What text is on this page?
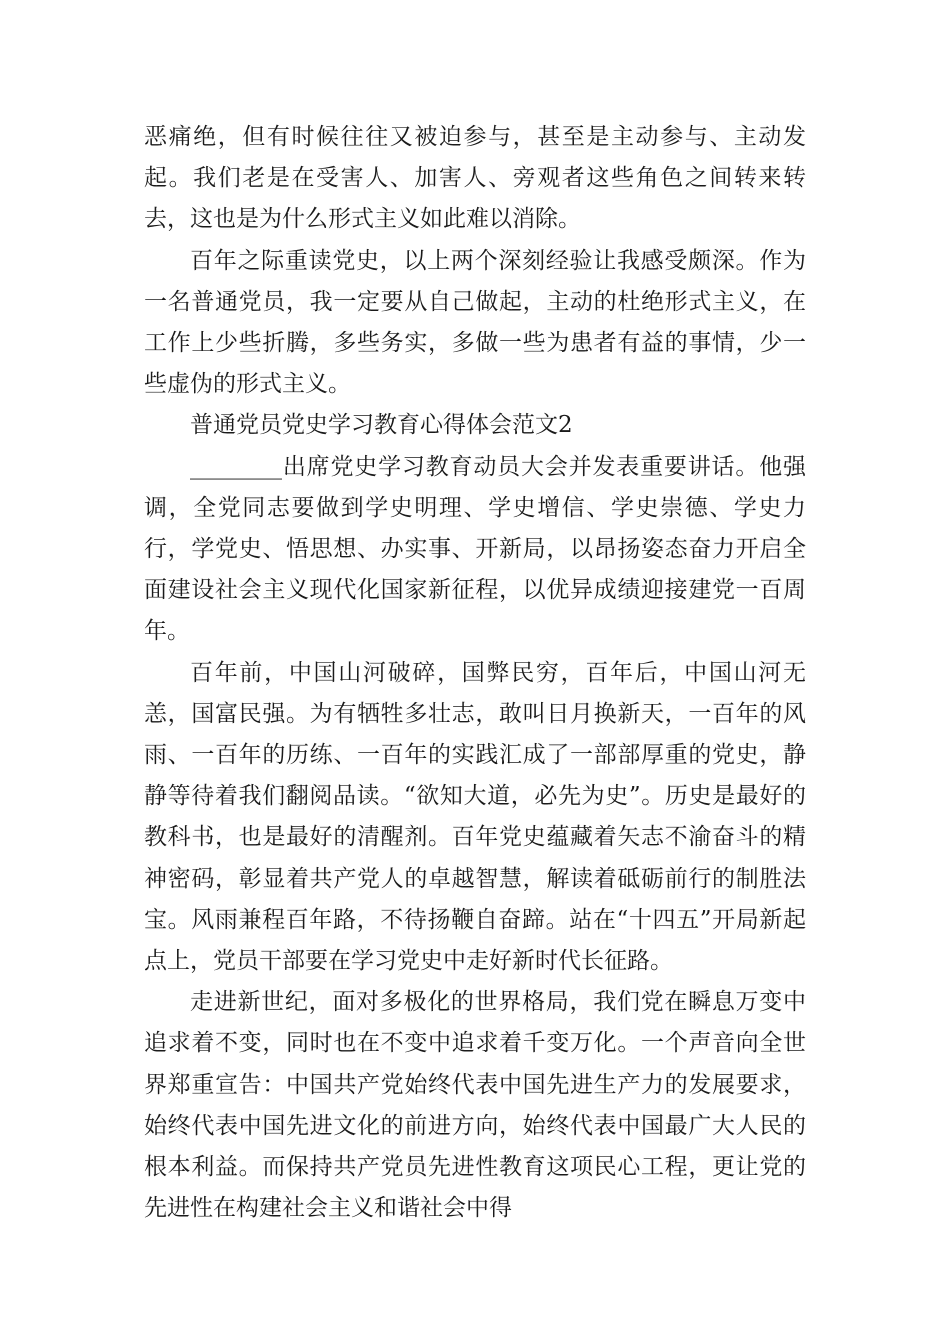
恶痛绝，但有时候往往又被迫参与，甚至是主动参与、主动发起。我们老是在受害人、加害人、旁观者这些角色之间转来转去，这也是为什么形式主义如此难以消除。

百年之际重读党史，以上两个深刻经验让我感受颇深。作为一名普通党员，我一定要从自己做起，主动的杜绝形式主义，在工作上少些折腾，多些务实，多做一些为患者有益的事情，少一些虚伪的形式主义。

普通党员党史学习教育心得体会范文2

________出席党史学习教育动员大会并发表重要讲话。他强调，全党同志要做到学史明理、学史增信、学史崇德、学史力行，学党史、悟思想、办实事、开新局，以昂扬姿态奋力开启全面建设社会主义现代化国家新征程，以优异成绩迎接建党一百周年。

百年前，中国山河破碎，国弊民穷，百年后，中国山河无恙，国富民强。为有牺牲多壮志，敢叫日月换新天，一百年的风雨、一百年的历练、一百年的实践汇成了一部部厚重的党史，静静等待着我们翻阅品读。“欲知大道，必先为史”。历史是最好的教科书，也是最好的清醒剂。百年党史蕴藏着矢志不渝奋斗的精神密码，彰显着共产党人的卓越智慧，解读着砥砺前行的制胜法宝。风雨兼程百年路，不待扬鞭自奋蹄。站在“十四五”开局新起点上，党员干部要在学习党史中走好新时代长征路。

走进新世纪，面对多极化的世界格局，我们党在瞬息万变中追求着不变，同时也在不变中追求着千变万化。一个声音向全世界郑重宣告：中国共产党始终代表中国先进生产力的发展要求，始终代表中国先进文化的前进方向，始终代表中国最广大人民的根本利益。而保持共产党员先进性教育这项民心工程，更让党的先进性在构建社会主义和谐社会中得
